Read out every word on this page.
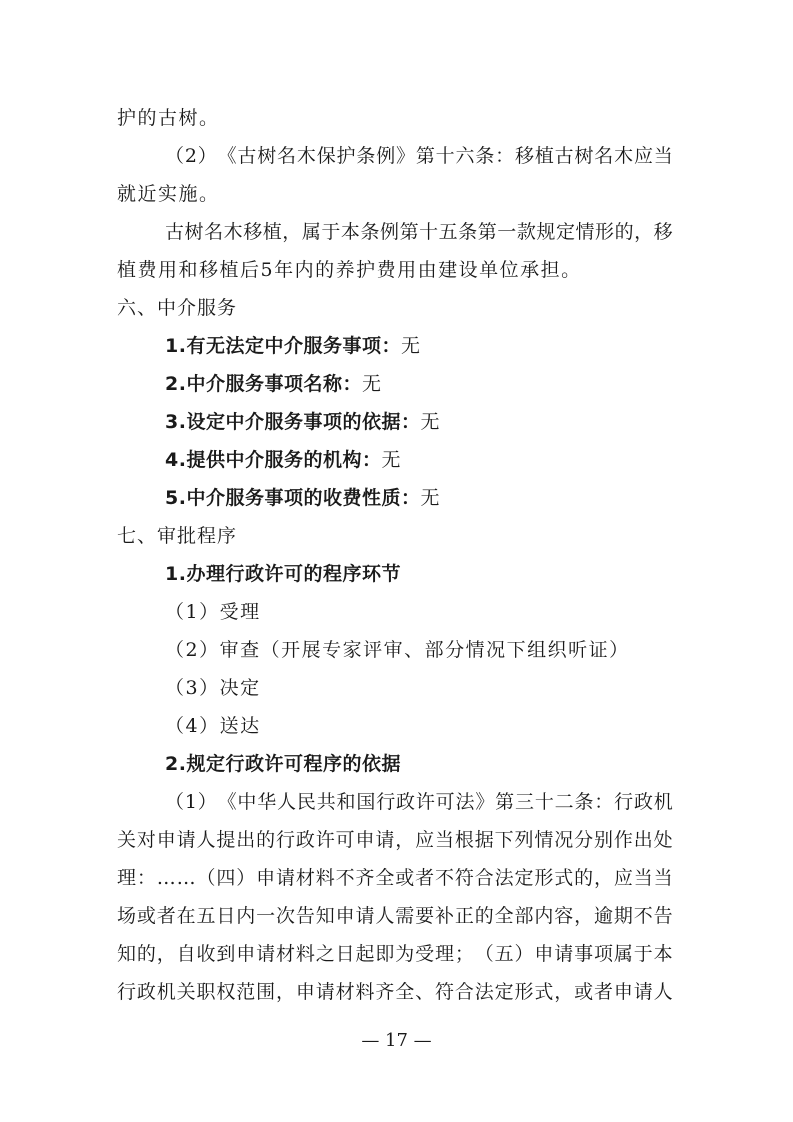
护的古树。
（ 2 ） 《 古 树 名 木 保 护 条 例 》 第 十 六 条 ： 移 植 古 树 名 木 应 当
就近实施。
古 树 名 木 移 植 ， 属 于 本 条 例 第 十 五 条 第 一 款 规 定 情 形 的 ， 移
植费用和移植后5年内的养护费用由建设单位承担。
六、中介服务
1.有无法定中介服务事项：无
2.中介服务事项名称：无
3.设定中介服务事项的依据：无
4.提供中介服务的机构：无
5.中介服务事项的收费性质：无
七、审批程序
1.办理行政许可的程序环节
（1）受理
（2）审查（开展专家评审、部分情况下组织听证）
（3）决定
（4）送达
2.规定行政许可程序的依据
（ 1 ） 《 中 华 人 民 共 和 国 行 政 许 可 法 》 第 三 十 二 条 ： 行 政 机
关 对 申 请 人 提 出 的 行 政 许 可 申 请 ， 应 当 根 据 下 列 情 况 分 别 作 出 处
理 ： … … （ 四 ） 申 请 材 料 不 齐 全 或 者 不 符 合 法 定 形 式 的 ， 应 当 当
场 或 者 在 五 日 内 一 次 告 知 申 请 人 需 要 补 正 的 全 部 内 容 ， 逾 期 不 告
知 的 ， 自 收 到 申 请 材 料 之 日 起 即 为 受 理 ； （ 五 ） 申 请 事 项 属 于 本
行 政 机 关 职 权 范 围 ， 申 请 材 料 齐 全 、 符 合 法 定 形 式 ， 或 者 申 请 人
— 17 —
